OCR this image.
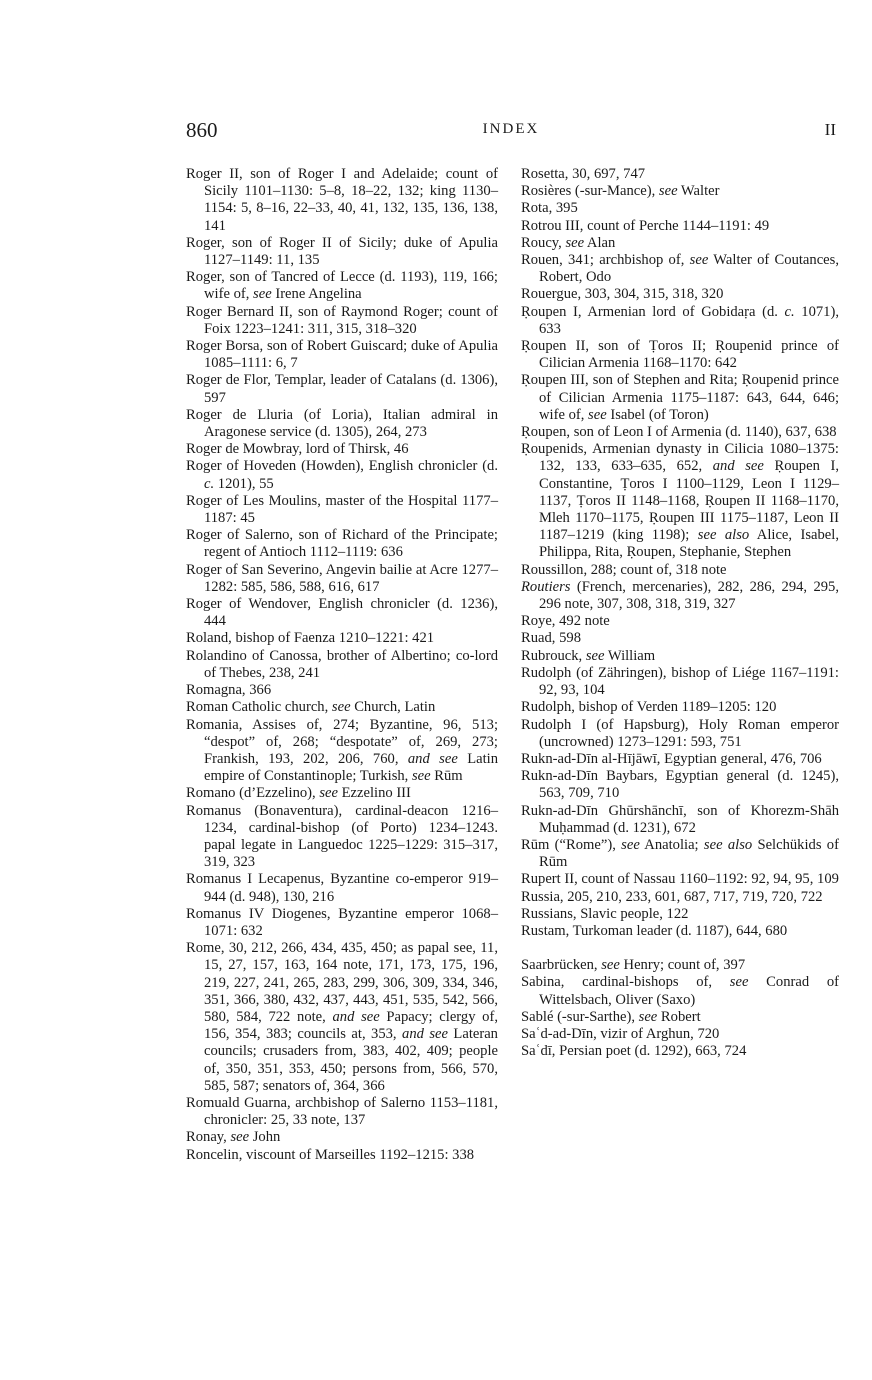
860	INDEX	II

Roger II, son of Roger I and Adelaide; count of Sicily 1101–1130: 5–8, 18–22, 132; king 1130–1154: 5, 8–16, 22–33, 40, 41, 132, 135, 136, 138, 141

Roger, son of Roger II of Sicily; duke of Apulia 1127–1149: 11, 135

Roger, son of Tancred of Lecce (d. 1193), 119, 166; wife of, see Irene Angelina

Roger Bernard II, son of Raymond Roger; count of Foix 1223–1241: 311, 315, 318–320

Roger Borsa, son of Robert Guiscard; duke of Apulia 1085–1111: 6, 7

Roger de Flor, Templar, leader of Catalans (d. 1306), 597

Roger de Lluria (of Loria), Italian admiral in Aragonese service (d. 1305), 264, 273

Roger de Mowbray, lord of Thirsk, 46

Roger of Hoveden (Howden), English chronicler (d. c. 1201), 55

Roger of Les Moulins, master of the Hospital 1177–1187: 45

Roger of Salerno, son of Richard of the Principate; regent of Antioch 1112–1119: 636

Roger of San Severino, Angevin bailie at Acre 1277–1282: 585, 586, 588, 616, 617

Roger of Wendover, English chronicler (d. 1236), 444

Roland, bishop of Faenza 1210–1221: 421

Rolandino of Canossa, brother of Albertino; co-lord of Thebes, 238, 241

Romagna, 366

Roman Catholic church, see Church, Latin

Romania, Assises of, 274; Byzantine, 96, 513; “despot” of, 268; “despotate” of, 269, 273; Frankish, 193, 202, 206, 760, and see Latin empire of Constantinople; Turkish, see Rūm

Romano (d’Ezzelino), see Ezzelino III

Romanus (Bonaventura), cardinal-deacon 1216–1234, cardinal-bishop (of Porto) 1234–1243. papal legate in Languedoc 1225–1229: 315–317, 319, 323

Romanus I Lecapenus, Byzantine co-emperor 919–944 (d. 948), 130, 216

Romanus IV Diogenes, Byzantine emperor 1068–1071: 632

Rome, 30, 212, 266, 434, 435, 450; as papal see, 11, 15, 27, 157, 163, 164 note, 171, 173, 175, 196, 219, 227, 241, 265, 283, 299, 306, 309, 334, 346, 351, 366, 380, 432, 437, 443, 451, 535, 542, 566, 580, 584, 722 note, and see Papacy; clergy of, 156, 354, 383; councils at, 353, and see Lateran councils; crusaders from, 383, 402, 409; people of, 350, 351, 353, 450; persons from, 566, 570, 585, 587; senators of, 364, 366

Romuald Guarna, archbishop of Salerno 1153–1181, chronicler: 25, 33 note, 137

Ronay, see John

Roncelin, viscount of Marseilles 1192–1215: 338

Rosetta, 30, 697, 747

Rosières (-sur-Mance), see Walter

Rota, 395

Rotrou III, count of Perche 1144–1191: 49

Roucy, see Alan

Rouen, 341; archbishop of, see Walter of Coutances, Robert, Odo

Rouergue, 303, 304, 315, 318, 320

Ṛoupen I, Armenian lord of Gobidaṛa (d. c. 1071), 633

Ṛoupen II, son of Ṭoros II; Ṛoupenid prince of Cilician Armenia 1168–1170: 642

Ṛoupen III, son of Stephen and Rita; Ṛoupenid prince of Cilician Armenia 1175–1187: 643, 644, 646; wife of, see Isabel (of Toron)

Ṛoupen, son of Leon I of Armenia (d. 1140), 637, 638

Ṛoupenids, Armenian dynasty in Cilicia 1080–1375: 132, 133, 633–635, 652, and see Ṛoupen I, Constantine, Ṭoros I 1100–1129, Leon I 1129–1137, Ṭoros II 1148–1168, Ṛoupen II 1168–1170, Mleh 1170–1175, Ṛoupen III 1175–1187, Leon II 1187–1219 (king 1198); see also Alice, Isabel, Philippa, Rita, Ṛoupen, Stephanie, Stephen

Roussillon, 288; count of, 318 note

Routiers (French, mercenaries), 282, 286, 294, 295, 296 note, 307, 308, 318, 319, 327

Roye, 492 note

Ruad, 598

Rubrouck, see William

Rudolph (of Zähringen), bishop of Liége 1167–1191: 92, 93, 104

Rudolph, bishop of Verden 1189–1205: 120

Rudolph I (of Hapsburg), Holy Roman emperor (uncrowned) 1273–1291: 593, 751

Rukn-ad-Dīn al-Hījāwī, Egyptian general, 476, 706

Rukn-ad-Dīn Baybars, Egyptian general (d. 1245), 563, 709, 710

Rukn-ad-Dīn Ghūrshānchī, son of Khorezm-Shāh Muḥammad (d. 1231), 672

Rūm (“Rome”), see Anatolia; see also Selchükids of Rūm

Rupert II, count of Nassau 1160–1192: 92, 94, 95, 109

Russia, 205, 210, 233, 601, 687, 717, 719, 720, 722

Russians, Slavic people, 122

Rustam, Turkoman leader (d. 1187), 644, 680

Saarbrücken, see Henry; count of, 397

Sabina, cardinal-bishops of, see Conrad of Wittelsbach, Oliver (Saxo)

Sablé (-sur-Sarthe), see Robert

Saʿd-ad-Dīn, vizir of Arghun, 720

Saʿdī, Persian poet (d. 1292), 663, 724
